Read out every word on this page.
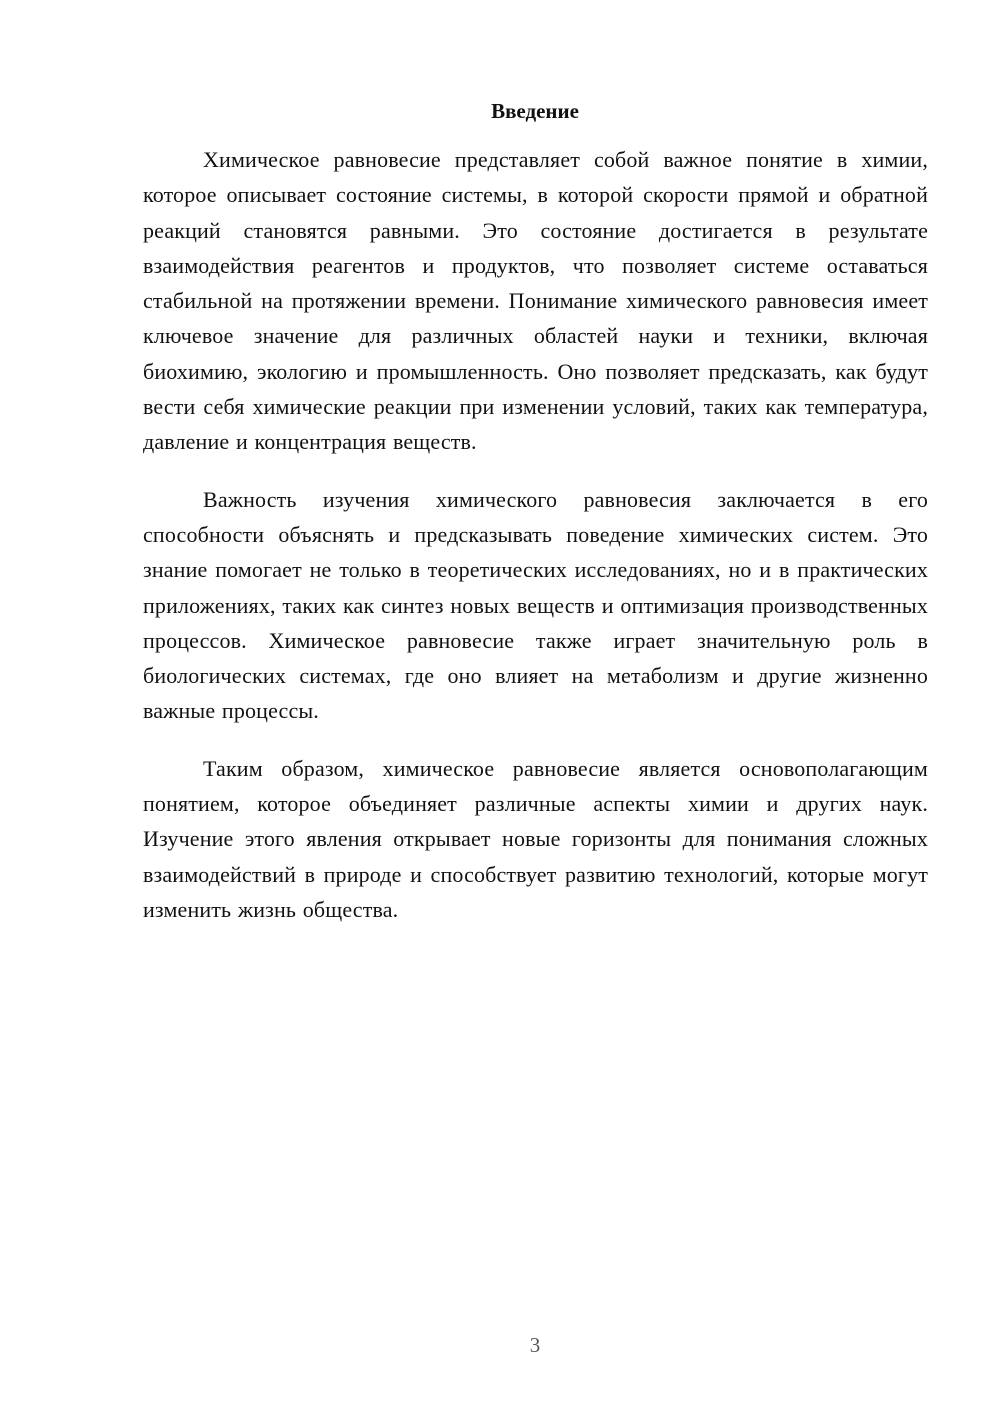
Введение

Химическое равновесие представляет собой важное понятие в химии, которое описывает состояние системы, в которой скорости прямой и обратной реакций становятся равными. Это состояние достигается в результате взаимодействия реагентов и продуктов, что позволяет системе оставаться стабильной на протяжении времени. Понимание химического равновесия имеет ключевое значение для различных областей науки и техники, включая биохимию, экологию и промышленность. Оно позволяет предсказать, как будут вести себя химические реакции при изменении условий, таких как температура, давление и концентрация веществ.

Важность изучения химического равновесия заключается в его способности объяснять и предсказывать поведение химических систем. Это знание помогает не только в теоретических исследованиях, но и в практических приложениях, таких как синтез новых веществ и оптимизация производственных процессов. Химическое равновесие также играет значительную роль в биологических системах, где оно влияет на метаболизм и другие жизненно важные процессы.

Таким образом, химическое равновесие является основополагающим понятием, которое объединяет различные аспекты химии и других наук. Изучение этого явления открывает новые горизонты для понимания сложных взаимодействий в природе и способствует развитию технологий, которые могут изменить жизнь общества.

3
